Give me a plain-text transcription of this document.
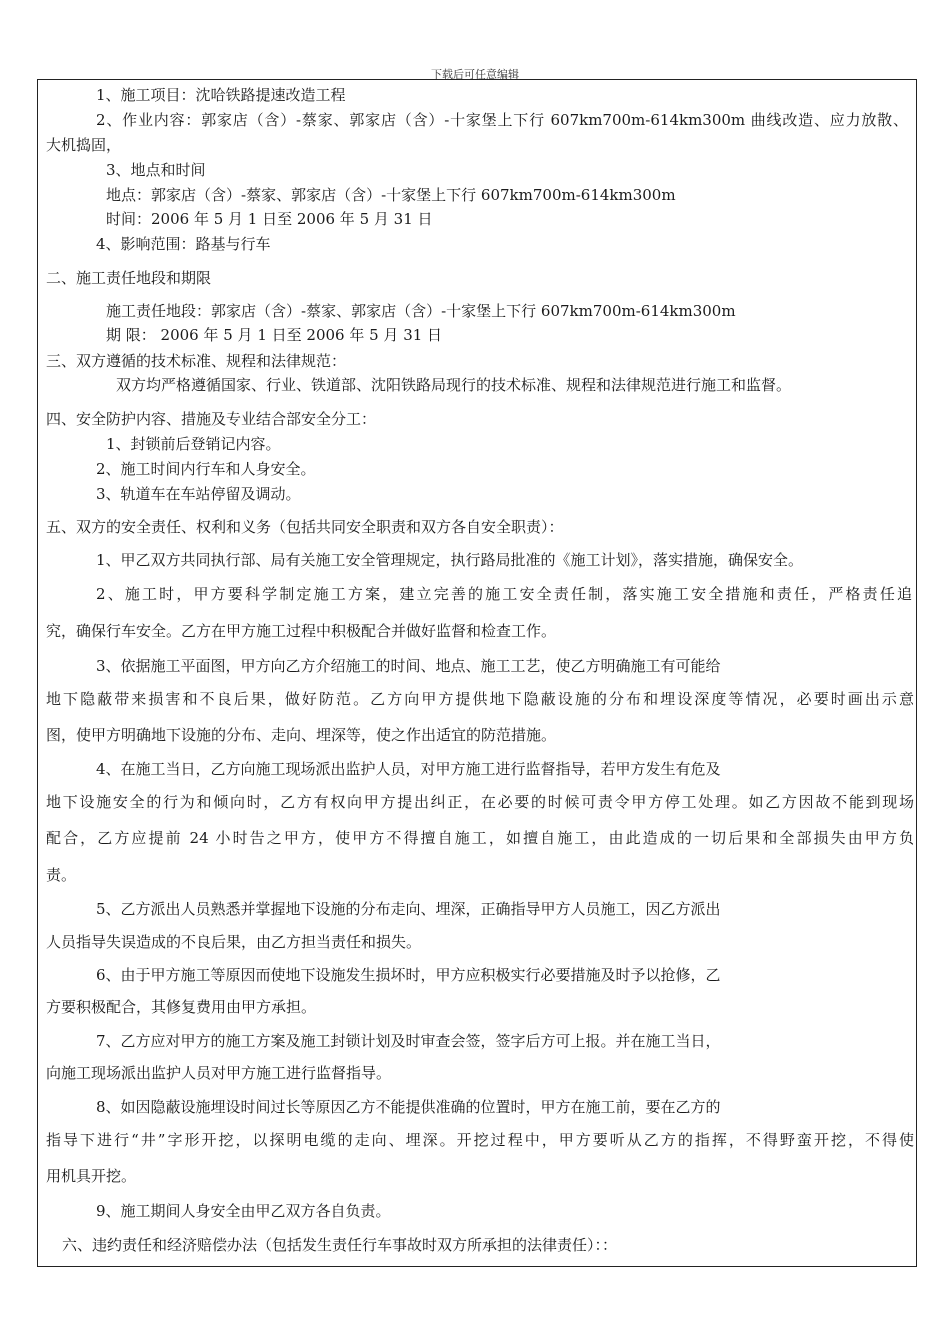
下载后可任意编辑
1、施工项目：沈哈铁路提速改造工程
2、作业内容：郭家店（含）-蔡家、郭家店（含）-十家堡上下行 607km700m-614km300m 曲线改造、应力放散、
大机捣固，
3、地点和时间
地点：郭家店（含）-蔡家、郭家店（含）-十家堡上下行 607km700m-614km300m
时间：2006 年 5 月 1 日至 2006 年 5 月 31 日
4、影响范围：路基与行车
二、施工责任地段和期限
施工责任地段：郭家店（含）-蔡家、郭家店（含）-十家堡上下行 607km700m-614km300m
期 限： 2006 年 5 月 1 日至 2006 年 5 月 31 日
三、双方遵循的技术标准、规程和法律规范：
双方均严格遵循国家、行业、铁道部、沈阳铁路局现行的技术标准、规程和法律规范进行施工和监督。
四、安全防护内容、措施及专业结合部安全分工：
1、封锁前后登销记内容。
2、施工时间内行车和人身安全。
3、轨道车在车站停留及调动。
五、双方的安全责任、权利和义务（包括共同安全职责和双方各自安全职责）：
1、甲乙双方共同执行部、局有关施工安全管理规定，执行路局批准的《施工计划》，落实措施，确保安全。
2、施工时，甲方要科学制定施工方案，建立完善的施工安全责任制，落实施工安全措施和责任，严格责任追
究，确保行车安全。乙方在甲方施工过程中积极配合并做好监督和检查工作。
3、依据施工平面图，甲方向乙方介绍施工的时间、地点、施工工艺，使乙方明确施工有可能给
地下隐蔽带来损害和不良后果，做好防范。乙方向甲方提供地下隐蔽设施的分布和埋设深度等情况，必要时画出示意
图，使甲方明确地下设施的分布、走向、埋深等，使之作出适宜的防范措施。
4、在施工当日，乙方向施工现场派出监护人员，对甲方施工进行监督指导，若甲方发生有危及
地下设施安全的行为和倾向时，乙方有权向甲方提出纠正，在必要的时候可责令甲方停工处理。如乙方因故不能到现场
配合，乙方应提前 24 小时告之甲方，使甲方不得擅自施工，如擅自施工，由此造成的一切后果和全部损失由甲方负
责。
5、乙方派出人员熟悉并掌握地下设施的分布走向、埋深，正确指导甲方人员施工，因乙方派出
人员指导失误造成的不良后果，由乙方担当责任和损失。
6、由于甲方施工等原因而使地下设施发生损坏时，甲方应积极实行必要措施及时予以抢修，乙
方要积极配合，其修复费用由甲方承担。
7、乙方应对甲方的施工方案及施工封锁计划及时审查会签，签字后方可上报。并在施工当日，
向施工现场派出监护人员对甲方施工进行监督指导。
8、如因隐蔽设施埋设时间过长等原因乙方不能提供准确的位置时，甲方在施工前，要在乙方的
指导下进行“井”字形开挖，以探明电缆的走向、埋深。开挖过程中，甲方要听从乙方的指挥，不得野蛮开挖，不得使
用机具开挖。
9、施工期间人身安全由甲乙双方各自负责。
六、违约责任和经济赔偿办法（包括发生责任行车事故时双方所承担的法律责任）：：
